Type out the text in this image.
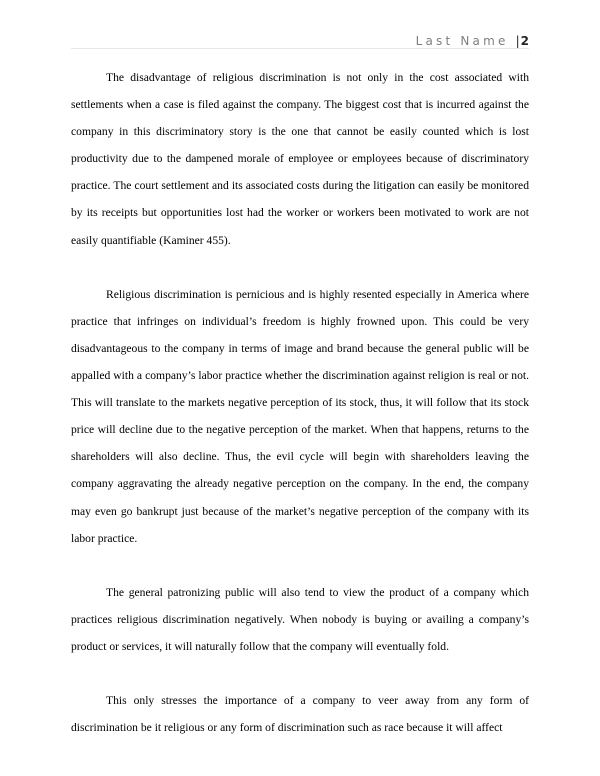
Last Name |2

The disadvantage of religious discrimination is not only in the cost associated with settlements when a case is filed against the company. The biggest cost that is incurred against the company in this discriminatory story is the one that cannot be easily counted which is lost productivity due to the dampened morale of employee or employees because of discriminatory practice. The court settlement and its associated costs during the litigation can easily be monitored by its receipts but opportunities lost had the worker or workers been motivated to work are not easily quantifiable (Kaminer 455).

Religious discrimination is pernicious and is highly resented especially in America where practice that infringes on individual’s freedom is highly frowned upon. This could be very disadvantageous to the company in terms of image and brand because the general public will be appalled with a company’s labor practice whether the discrimination against religion is real or not. This will translate to the markets negative perception of its stock, thus, it will follow that its stock price will decline due to the negative perception of the market. When that happens, returns to the shareholders will also decline. Thus, the evil cycle will begin with shareholders leaving the company aggravating the already negative perception on the company. In the end, the company may even go bankrupt just because of the market’s negative perception of the company with its labor practice.

The general patronizing public will also tend to view the product of a company which practices religious discrimination negatively. When nobody is buying or availing a company’s product or services, it will naturally follow that the company will eventually fold.

This only stresses the importance of a company to veer away from any form of discrimination be it religious or any form of discrimination such as race because it will affect
